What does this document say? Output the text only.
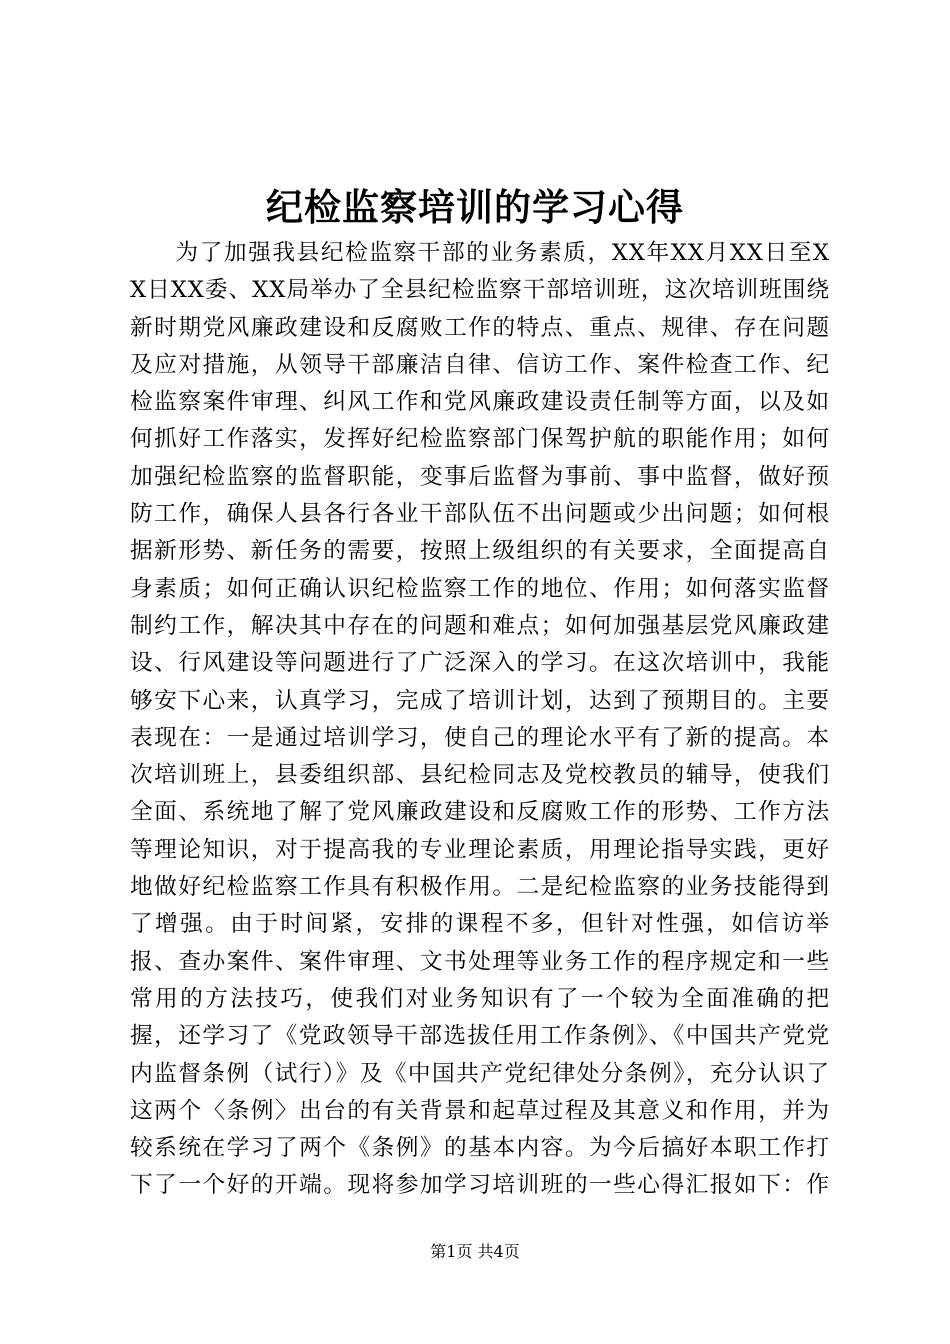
纪检监察培训的学习心得

为了加强我县纪检监察干部的业务素质，XX年XX月XX日至XX日XX委、XX局举办了全县纪检监察干部培训班，这次培训班围绕新时期党风廉政建设和反腐败工作的特点、重点、规律、存在问题及应对措施，从领导干部廉洁自律、信访工作、案件检查工作、纪检监察案件审理、纠风工作和党风廉政建设责任制等方面，以及如何抓好工作落实，发挥好纪检监察部门保驾护航的职能作用；如何加强纪检监察的监督职能，变事后监督为事前、事中监督，做好预防工作，确保人县各行各业干部队伍不出问题或少出问题；如何根据新形势、新任务的需要，按照上级组织的有关要求，全面提高自身素质；如何正确认识纪检监察工作的地位、作用；如何落实监督制约工作，解决其中存在的问题和难点；如何加强基层党风廉政建设、行风建设等问题进行了广泛深入的学习。在这次培训中，我能够安下心来，认真学习，完成了培训计划，达到了预期目的。主要表现在：一是通过培训学习，使自己的理论水平有了新的提高。本次培训班上，县委组织部、县纪检同志及党校教员的辅导，使我们全面、系统地了解了党风廉政建设和反腐败工作的形势、工作方法等理论知识，对于提高我的专业理论素质，用理论指导实践，更好地做好纪检监察工作具有积极作用。二是纪检监察的业务技能得到了增强。由于时间紧，安排的课程不多，但针对性强，如信访举报、查办案件、案件审理、文书处理等业务工作的程序规定和一些常用的方法技巧，使我们对业务知识有了一个较为全面准确的把握，还学习了《党政领导干部选拔任用工作条例》、《中国共产党党内监督条例（试行）》及《中国共产党纪律处分条例》，充分认识了这两个〈条例〉出台的有关背景和起草过程及其意义和作用，并为较系统在学习了两个《条例》的基本内容。为今后搞好本职工作打下了一个好的开端。现将参加学习培训班的一些心得汇报如下：作

第1页 共4页
